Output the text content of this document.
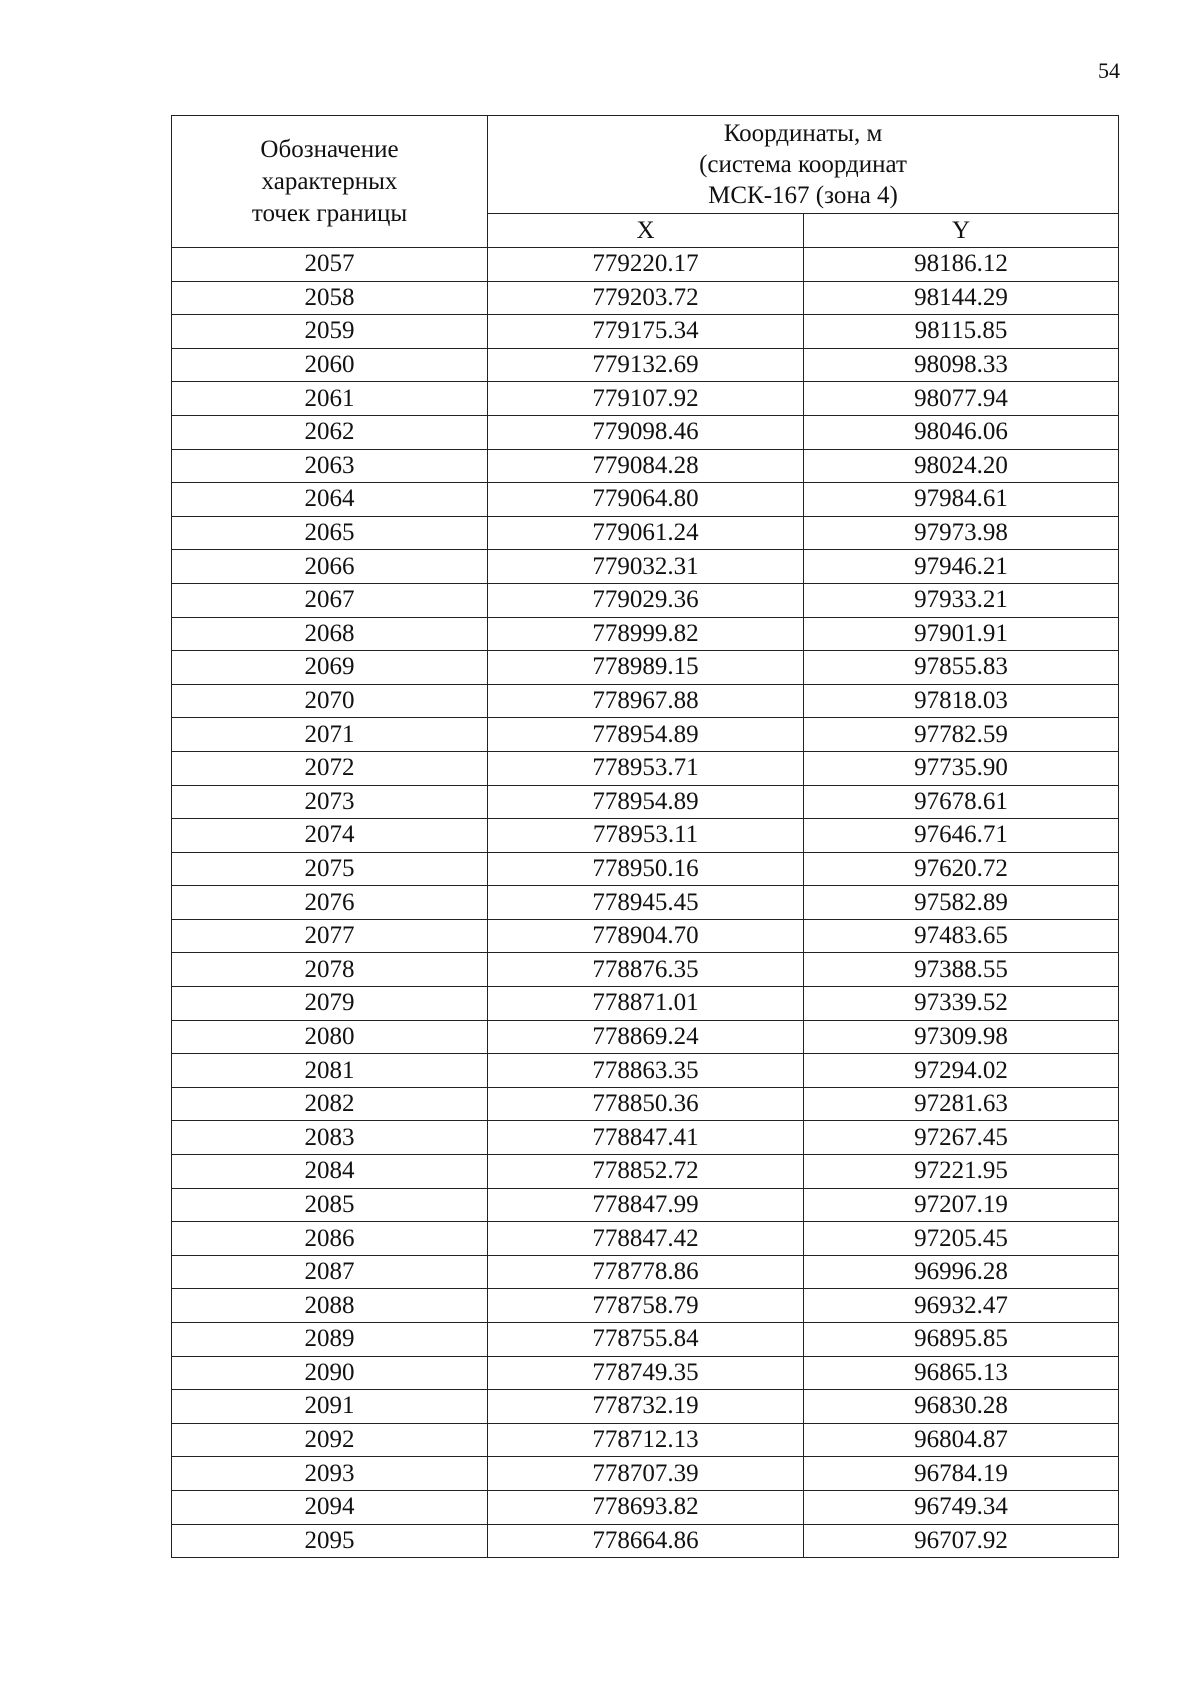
54
Обозначение
характерных
точек границы	Координаты, м
(система координат
МСК-167 (зона 4)	

	X	Y
2057	779220.17	98186.12
2058	779203.72	98144.29
2059	779175.34	98115.85
2060	779132.69	98098.33
2061	779107.92	98077.94
2062	779098.46	98046.06
2063	779084.28	98024.20
2064	779064.80	97984.61
2065	779061.24	97973.98
2066	779032.31	97946.21
2067	779029.36	97933.21
2068	778999.82	97901.91
2069	778989.15	97855.83
2070	778967.88	97818.03
2071	778954.89	97782.59
2072	778953.71	97735.90
2073	778954.89	97678.61
2074	778953.11	97646.71
2075	778950.16	97620.72
2076	778945.45	97582.89
2077	778904.70	97483.65
2078	778876.35	97388.55
2079	778871.01	97339.52
2080	778869.24	97309.98
2081	778863.35	97294.02
2082	778850.36	97281.63
2083	778847.41	97267.45
2084	778852.72	97221.95
2085	778847.99	97207.19
2086	778847.42	97205.45
2087	778778.86	96996.28
2088	778758.79	96932.47
2089	778755.84	96895.85
2090	778749.35	96865.13
2091	778732.19	96830.28
2092	778712.13	96804.87
2093	778707.39	96784.19
2094	778693.82	96749.34
2095	778664.86	96707.92
